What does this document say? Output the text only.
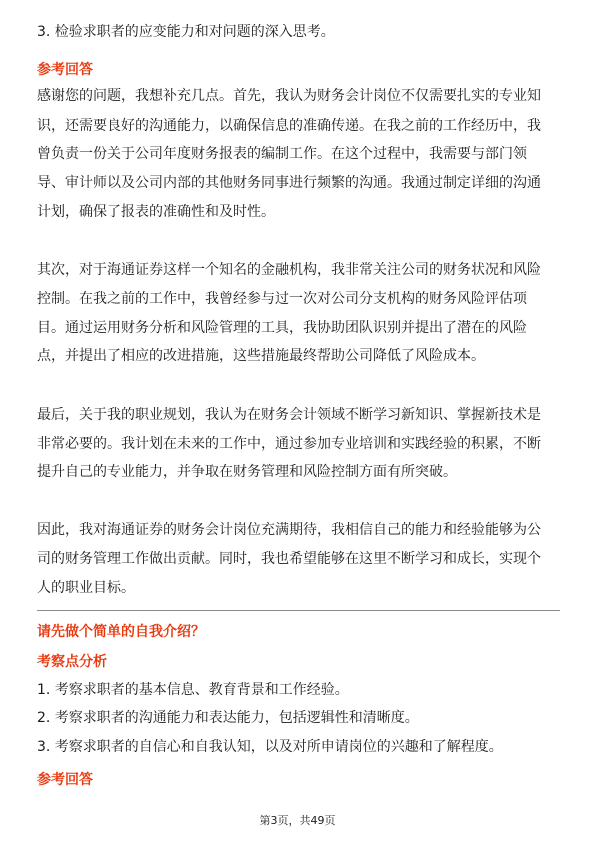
3. 检验求职者的应变能力和对问题的深入思考。
参考回答
感谢您的问题，我想补充几点。首先，我认为财务会计岗位不仅需要扎实的专业知
识，还需要良好的沟通能力，以确保信息的准确传递。在我之前的工作经历中，我
曾负责一份关于公司年度财务报表的编制工作。在这个过程中，我需要与部门领
导、审计师以及公司内部的其他财务同事进行频繁的沟通。我通过制定详细的沟通
计划，确保了报表的准确性和及时性。
其次，对于海通证券这样一个知名的金融机构，我非常关注公司的财务状况和风险
控制。在我之前的工作中，我曾经参与过一次对公司分支机构的财务风险评估项
目。通过运用财务分析和风险管理的工具，我协助团队识别并提出了潜在的风险
点，并提出了相应的改进措施，这些措施最终帮助公司降低了风险成本。
最后，关于我的职业规划，我认为在财务会计领域不断学习新知识、掌握新技术是
非常必要的。我计划在未来的工作中，通过参加专业培训和实践经验的积累，不断
提升自己的专业能力，并争取在财务管理和风险控制方面有所突破。
因此，我对海通证券的财务会计岗位充满期待，我相信自己的能力和经验能够为公
司的财务管理工作做出贡献。同时，我也希望能够在这里不断学习和成长，实现个
人的职业目标。
请先做个简单的自我介绍？
考察点分析
1. 考察求职者的基本信息、教育背景和工作经验。
2. 考察求职者的沟通能力和表达能力，包括逻辑性和清晰度。
3. 考察求职者的自信心和自我认知，以及对所申请岗位的兴趣和了解程度。
参考回答
第3页，共49页
